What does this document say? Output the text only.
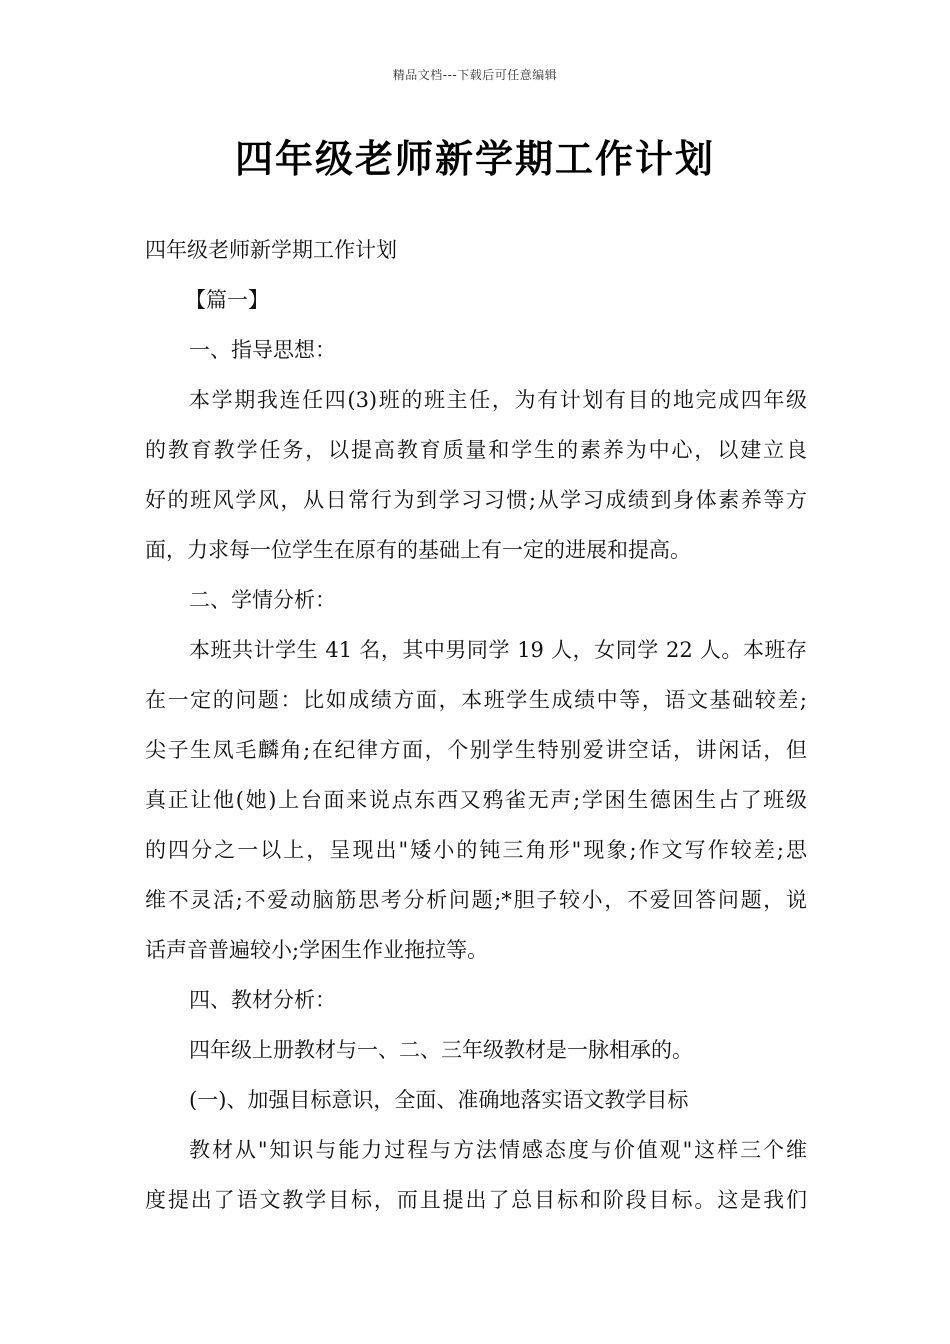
精品文档---下载后可任意编辑
四年级老师新学期工作计划
四年级老师新学期工作计划
【篇一】
一、指导思想：
本学期我连任四(3)班的班主任，为有计划有目的地完成四年级
的教育教学任务，以提高教育质量和学生的素养为中心，以建立良
好的班风学风，从日常行为到学习习惯;从学习成绩到身体素养等方
面，力求每一位学生在原有的基础上有一定的进展和提高。
二、学情分析：
本班共计学生 41 名，其中男同学 19 人，女同学 22 人。本班存
在一定的问题：比如成绩方面，本班学生成绩中等，语文基础较差;
尖子生凤毛麟角;在纪律方面，个别学生特别爱讲空话，讲闲话，但
真正让他(她)上台面来说点东西又鸦雀无声;学困生德困生占了班级
的四分之一以上，呈现出"矮小的钝三角形"现象;作文写作较差;思
维不灵活;不爱动脑筋思考分析问题;*胆子较小，不爱回答问题，说
话声音普遍较小;学困生作业拖拉等。
四、教材分析：
四年级上册教材与一、二、三年级教材是一脉相承的。
(一)、加强目标意识，全面、准确地落实语文教学目标
教材从"知识与能力过程与方法情感态度与价值观"这样三个维
度提出了语文教学目标，而且提出了总目标和阶段目标。这是我们
